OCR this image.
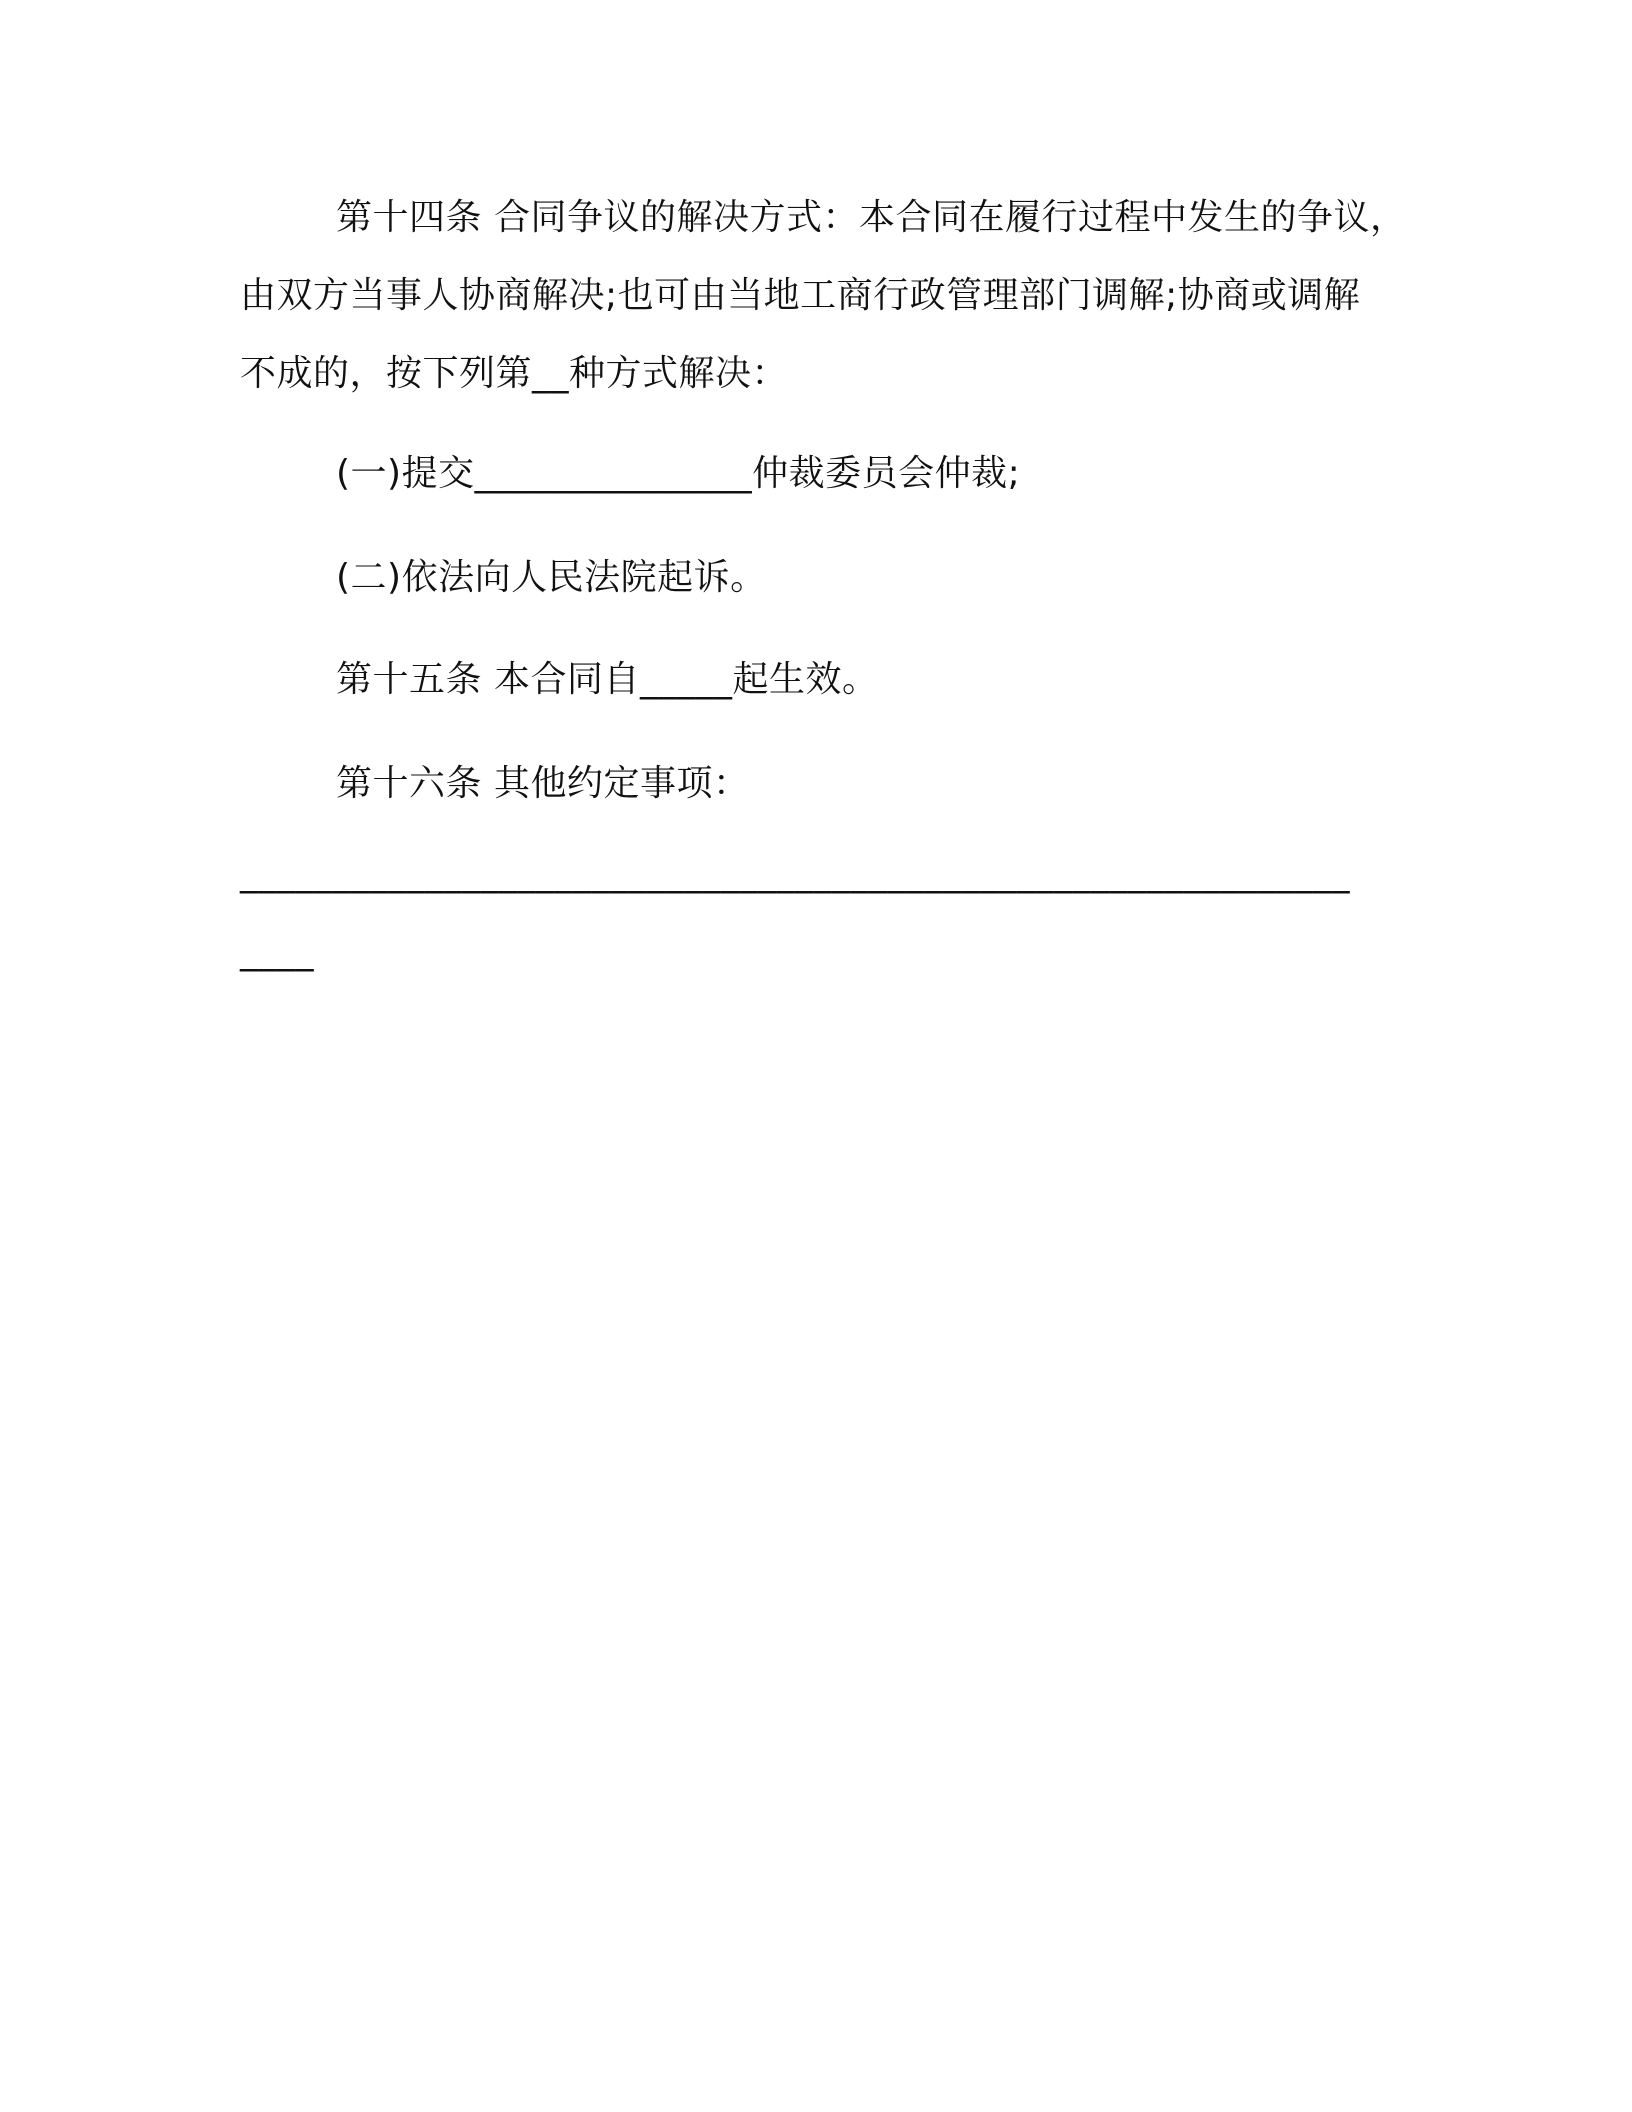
第十四条 合同争议的解决方式：本合同在履行过程中发生的争议，
由双方当事人协商解决;也可由当地工商行政管理部门调解;协商或调解
不成的，按下列第__种方式解决：
(一)提交_______________仲裁委员会仲裁;
(二)依法向人民法院起诉。
第十五条 本合同自_____起生效。
第十六条 其他约定事项：
____________________________________________________________
____
